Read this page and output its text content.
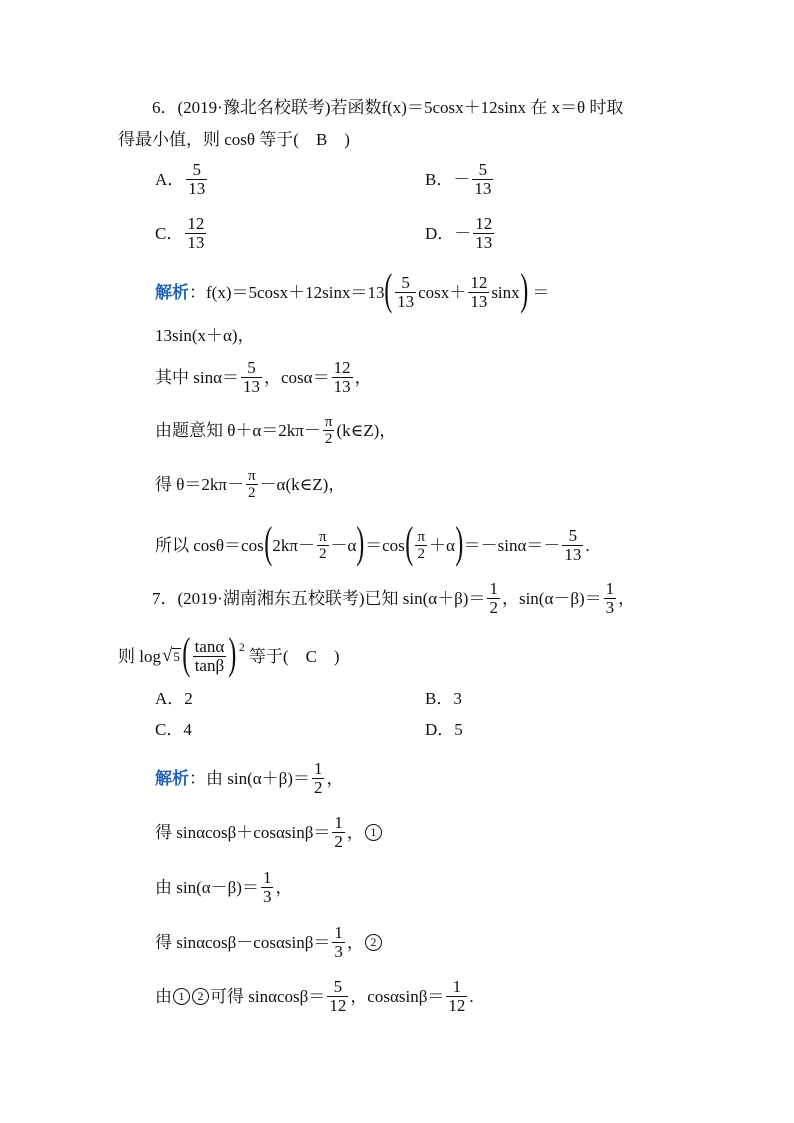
6．(2019·豫北名校联考)若函数f(x)＝5cosx＋12sinx 在 x＝θ 时取
得最小值，则 cosθ 等于(　B　)
A． $\frac{5}{13}$	B． － $\frac{5}{13}$
C． $\frac{12}{13}$	D． － $\frac{12}{13}$
解析 ：f(x)＝5cosx＋12sinx＝13 ( $\frac{5}{13} \cos x+ \frac{12}{13}$ sinx ) ＝
13sin(x＋α)，
其中 $\sin\alpha= \frac{5}{13}$ ，$\cos\alpha= \frac{12}{13}$ ，
由题意知 $\theta+\alpha=2k\pi- \frac{\pi}{2}$ (k∈Z)，
得 $\theta=2k\pi- \frac{\pi}{2}$ －α(k∈Z)，
所以 cosθ＝cos ( $2k\pi- \frac{\pi}{2} -\alpha$ ) ＝cos ( $\frac{\pi}{2} +\alpha$ ) $=-\sin\alpha=- \frac{5}{13}$ .
7．(2019·湖南湘东五校联考)已知 $\sin(\alpha+\beta)= \frac{1}{2}$ ，$\sin(\alpha-\beta)= \frac{1}{3}$ ，
则 log √ 5 ( $\frac{\tan\alpha}{\tan\beta}$ ) 2 等于(　C　)
A．2	B．3
C．4	D．5
解析 ：由 $\sin(\alpha+\beta)= \frac{1}{2}$ ，
得 $\sin\alpha\cos\beta+\cos\alpha\sin\beta= \frac{1}{2}$ ， 1
由 $\sin(\alpha-\beta)= \frac{1}{3}$ ，
得 $\sin\alpha\cos\beta-\cos\alpha\sin\beta= \frac{1}{3}$ ， 2
由 1	2 可得 $\sin\alpha\cos\beta= \frac{5}{12}$ ，$\cos\alpha\sin\beta= \frac{1}{12}$ .
